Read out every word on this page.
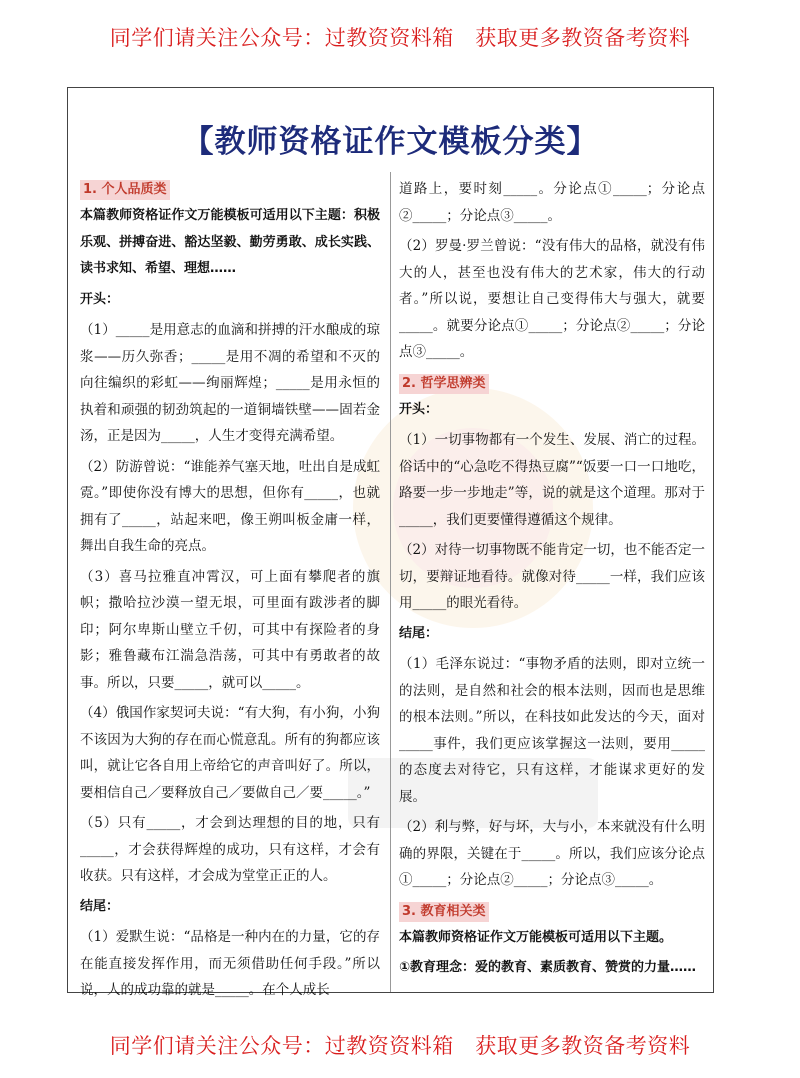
同学们请关注公众号：过教资资料箱　获取更多教资备考资料
【教师资格证作文模板分类】
1. 个人品质类

本篇教师资格证作文万能模板可适用以下主题：积极乐观、拼搏奋进、豁达坚毅、勤劳勇敢、成长实践、读书求知、希望、理想……

开头：

（1）_____是用意志的血滴和拼搏的汗水酿成的琼浆——历久弥香；_____是用不凋的希望和不灭的向往编织的彩虹——绚丽辉煌；_____是用永恒的执着和顽强的韧劲筑起的一道铜墙铁壁——固若金汤，正是因为_____，人生才变得充满希望。

（2）防游曾说：“谁能养气塞天地，吐出自是成虹霓。”即使你没有博大的思想，但你有_____，也就拥有了_____，站起来吧，像王朔叫板金庸一样，舞出自我生命的亮点。

（3）喜马拉雅直冲霄汉，可上面有攀爬者的旗帜；撒哈拉沙漠一望无垠，可里面有跋涉者的脚印；阿尔卑斯山壁立千仞，可其中有探险者的身影；雅鲁藏布江湍急浩荡，可其中有勇敢者的故事。所以，只要_____，就可以_____。

（4）俄国作家契诃夫说：“有大狗，有小狗，小狗不该因为大狗的存在而心慌意乱。所有的狗都应该叫，就让它各自用上帝给它的声音叫好了。所以，要相信自己／要释放自己／要做自己／要_____。”

（5）只有_____，才会到达理想的目的地，只有_____，才会获得辉煌的成功，只有这样，才会有收获。只有这样，才会成为堂堂正正的人。

结尾：

（1）爱默生说：“品格是一种内在的力量，它的存在能直接发挥作用，而无须借助任何手段。”所以说，人的成功靠的就是_____。在个人成长

道路上，要时刻_____。分论点①_____；分论点②_____；分论点③_____。

（2）罗曼·罗兰曾说：“没有伟大的品格，就没有伟大的人，甚至也没有伟大的艺术家，伟大的行动者。”所以说，要想让自己变得伟大与强大，就要_____。就要分论点①_____；分论点②_____；分论点③_____。

2. 哲学思辨类

开头：

（1）一切事物都有一个发生、发展、消亡的过程。俗话中的“心急吃不得热豆腐”“饭要一口一口地吃，路要一步一步地走”等，说的就是这个道理。那对于_____，我们更要懂得遵循这个规律。

（2）对待一切事物既不能肯定一切，也不能否定一切，要辩证地看待。就像对待_____一样，我们应该用_____的眼光看待。

结尾：

（1）毛泽东说过：“事物矛盾的法则，即对立统一的法则，是自然和社会的根本法则，因而也是思维的根本法则。”所以，在科技如此发达的今天，面对_____事件，我们更应该掌握这一法则，要用_____的态度去对待它，只有这样，才能谋求更好的发展。

（2）利与弊，好与坏，大与小，本来就没有什么明确的界限，关键在于_____。所以，我们应该分论点①_____；分论点②_____；分论点③_____。

3. 教育相关类

本篇教师资格证作文万能模板可适用以下主题。

①教育理念：爱的教育、素质教育、赞赏的力量……

同学们请关注公众号：过教资资料箱　获取更多教资备考资料
